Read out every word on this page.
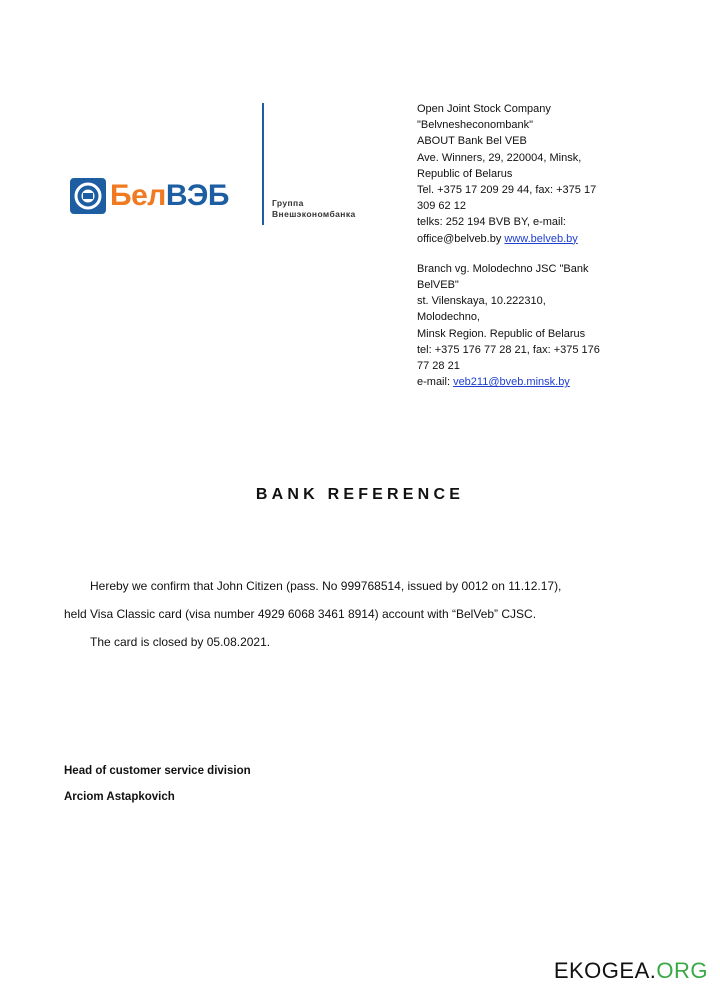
БелВЭБ	Группа
Внешэкономбанка

Open Joint Stock Company

"Belvnesheconombank"

ABOUT Bank Bel VEB

Ave. Winners, 29, 220004, Minsk,

Republic of Belarus

Tel. +375 17 209 29 44, fax: +375 17

309 62 12

telks: 252 194 BVB BY, e-mail:

office@belveb.by www.belveb.by

Branch vg. Molodechno JSC "Bank

BelVEB"

st. Vilenskaya, 10.222310,

Molodechno,

Minsk Region. Republic of Belarus

tel: +375 176 77 28 21, fax: +375 176

77 28 21

e-mail: veb211@bveb.minsk.by

BANK REFERENCE

Hereby we confirm that John Citizen (pass. No 999768514, issued by 0012 on 11.12.17),

held Visa Classic card (visa number 4929 6068 3461 8914) account with “BelVeb” CJSC.

The card is closed by 05.08.2021.

Head of customer service division

Arciom Astapkovich

EKOGEA.ORG
